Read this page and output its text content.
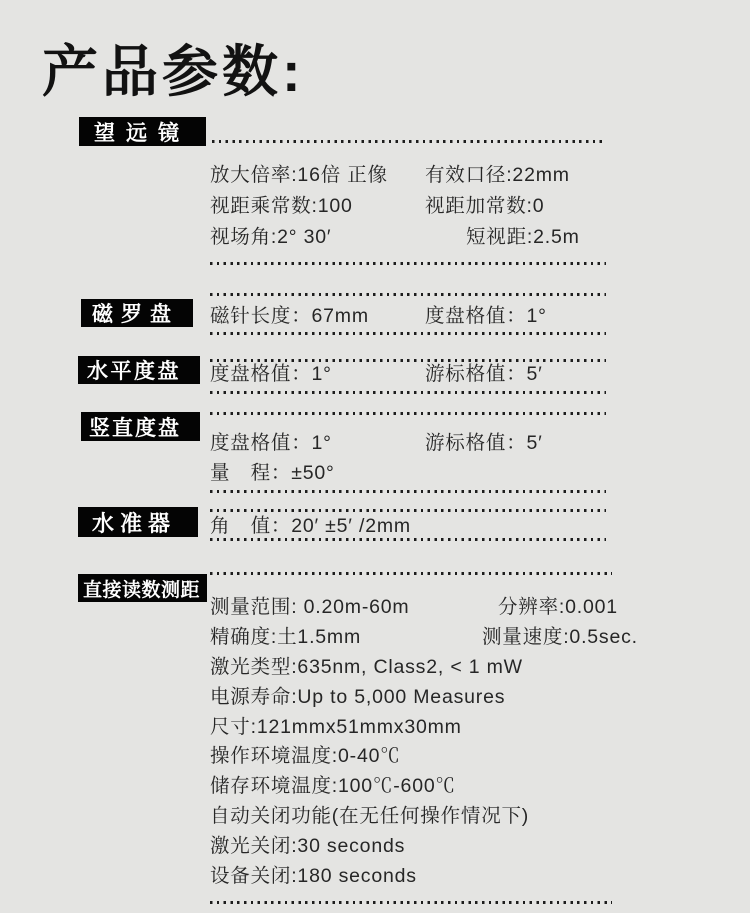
产品参数:
望远镜
放大倍率:16倍 正像	有效口径:22mm
视距乘常数:100	视距加常数:0
视场角:2° 30′	短视距:2.5m
磁罗盘	磁针长度：67mm	度盘格值：1°
水平度盘	度盘格值：1°	游标格值：5′
竖直度盘
度盘格值：1°	游标格值：5′
量　程：±50°
水准器	角　值：20′ ±5′ /2mm
直接读数测距
测量范围: 0.20m-60m	分辨率:0.001
精确度:土1.5mm	测量速度:0.5sec.
激光类型:635nm, Class2, < 1 mW
电源寿命:Up to 5,000 Measures
尺寸:121mmx51mmx30mm
操作环境温度:0-40℃
储存环境温度:100℃-600℃
自动关闭功能(在无任何操作情况下)
激光关闭:30 seconds
设备关闭:180 seconds
